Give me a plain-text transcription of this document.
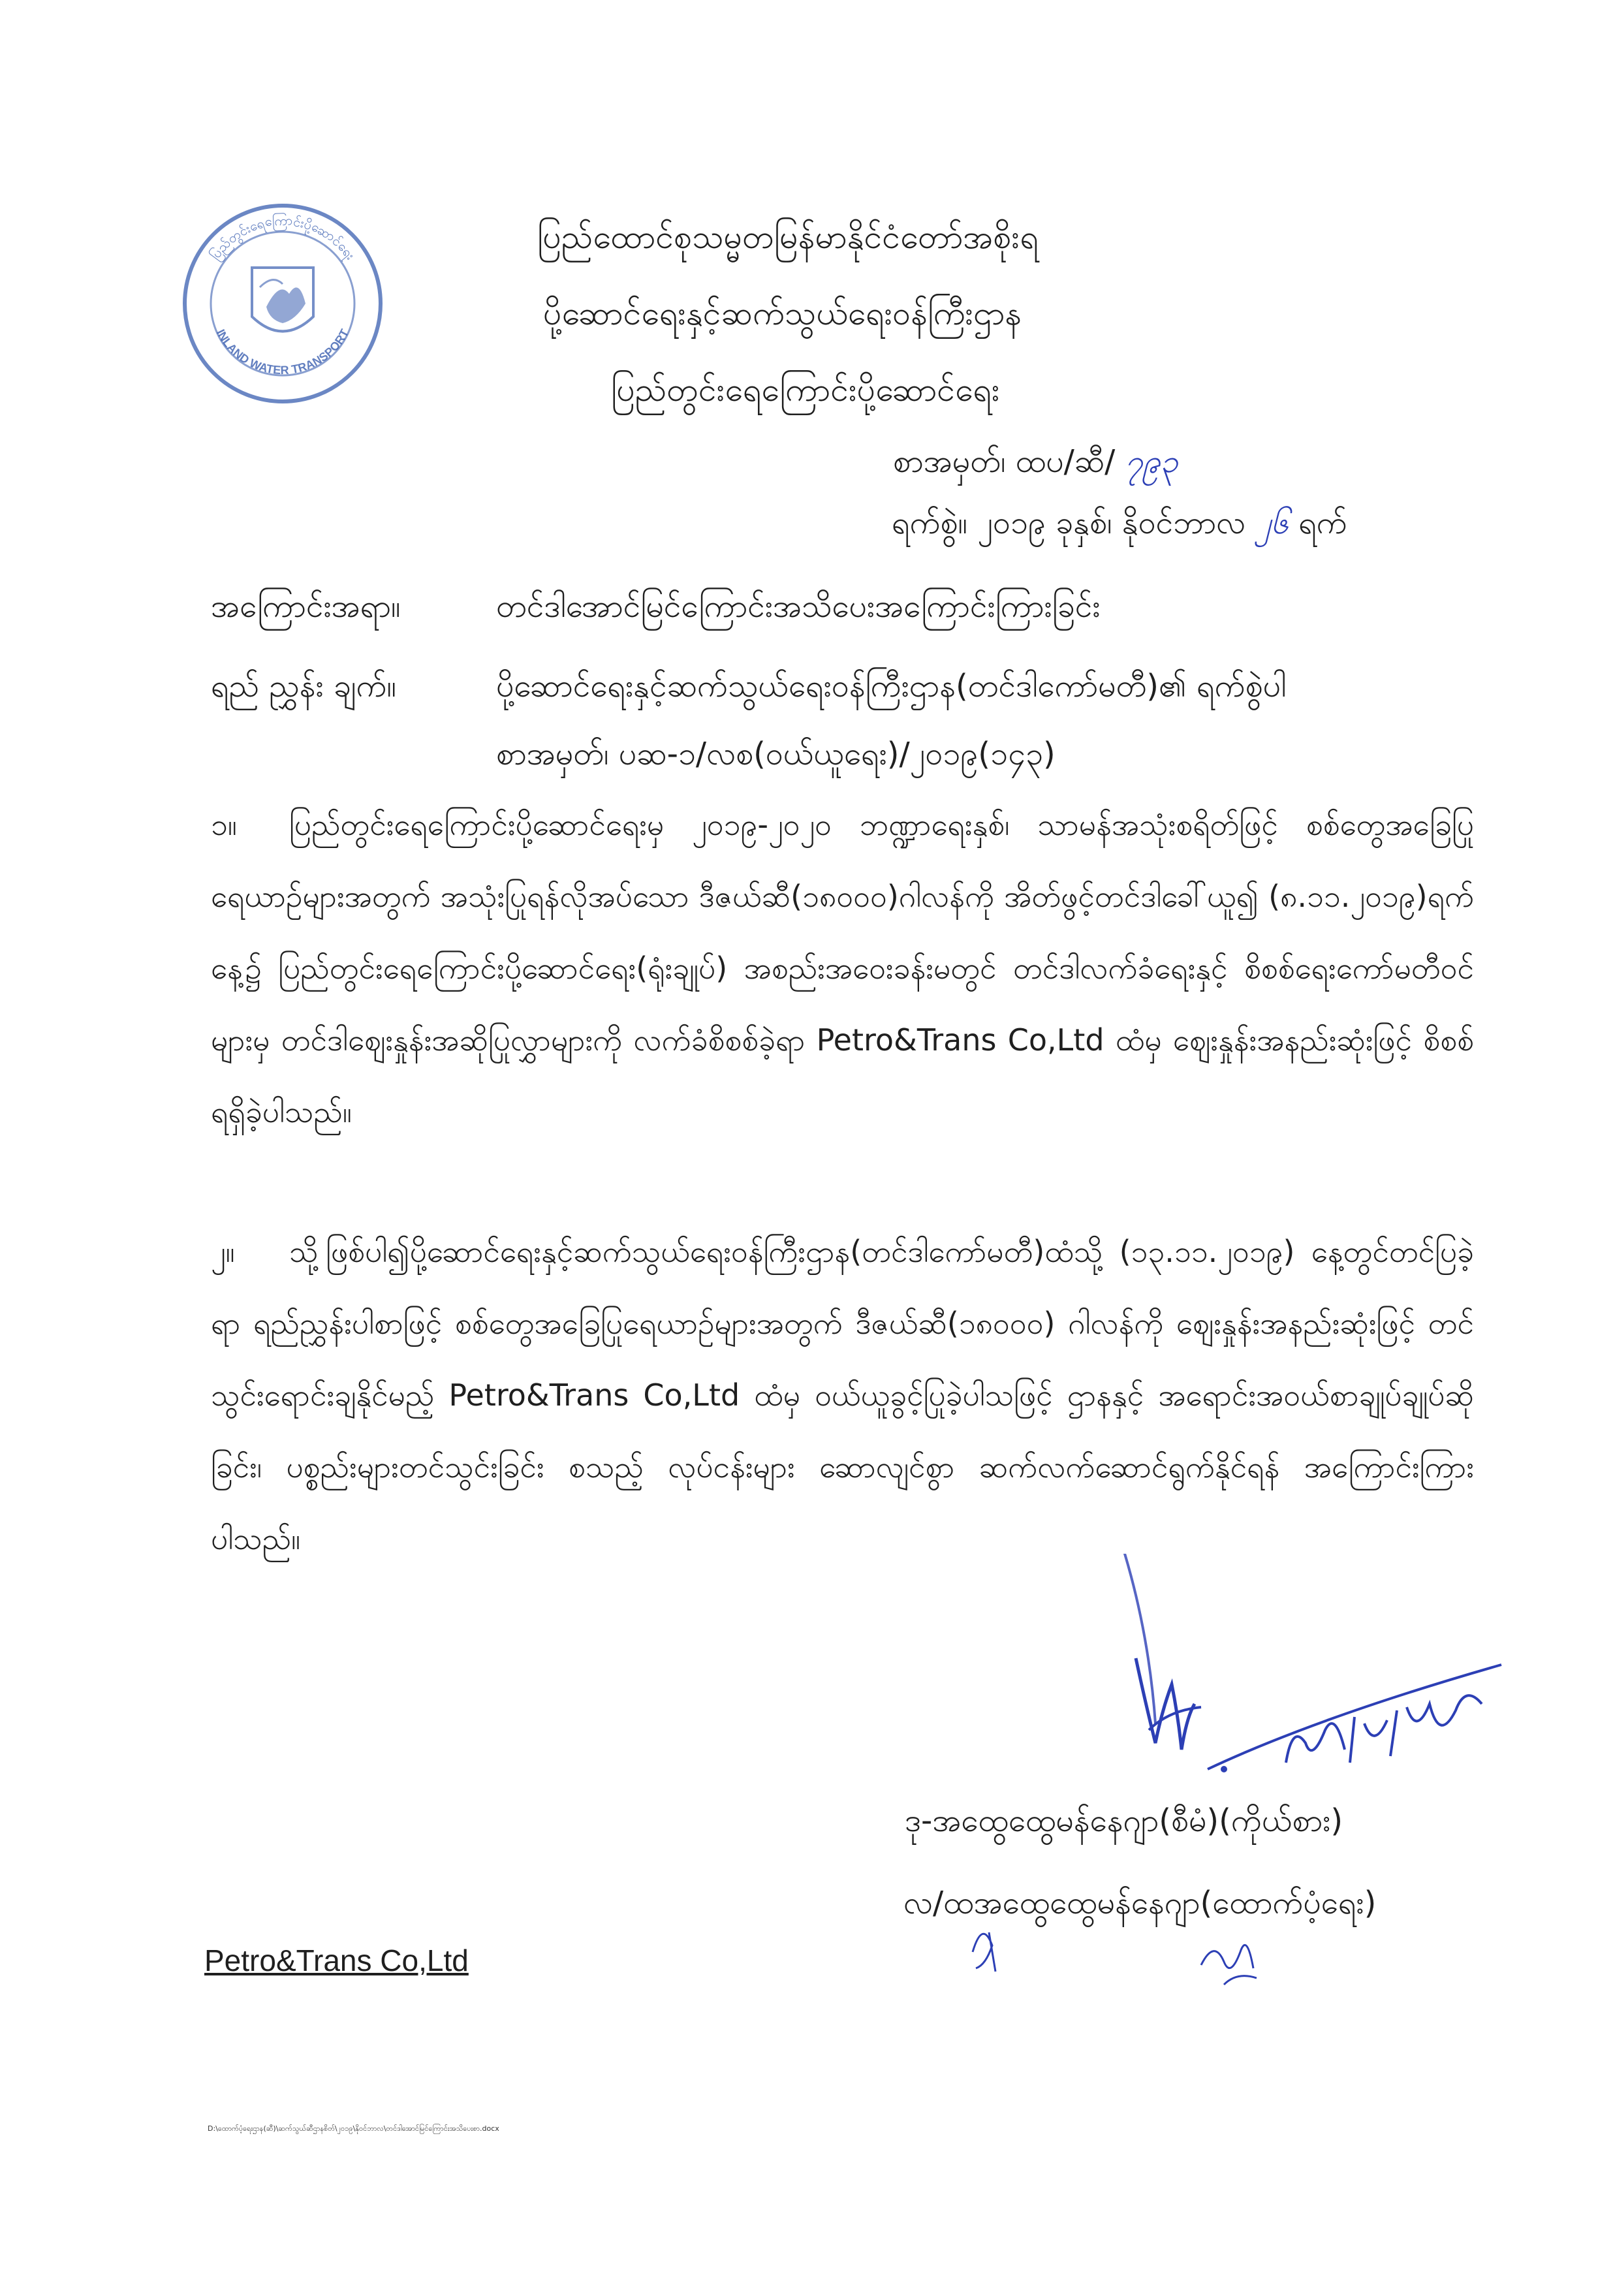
ပြည်တွင်းရေကြောင်းပို့ဆောင်ရေး
INLAND WATER TRANSPORT
ပြည်ထောင်စုသမ္မတမြန်မာနိုင်ငံတော်အစိုးရ
ပို့ဆောင်ရေးနှင့်ဆက်သွယ်ရေးဝန်ကြီးဌာန
ပြည်တွင်းရေကြောင်းပို့ဆောင်ရေး
စာအမှတ်၊ ထပ/ဆီ/ ၇၉၃
ရက်စွဲ။ ၂၀၁၉ ခုနှစ်၊ နိုဝင်ဘာလ ၂၆ ရက်
အကြောင်းအရာ။	တင်ဒါအောင်မြင်ကြောင်းအသိပေးအကြောင်းကြားခြင်း
ရည် ညွှန်း ချက်။	ပို့ဆောင်ရေးနှင့်ဆက်သွယ်ရေးဝန်ကြီးဌာန(တင်ဒါကော်မတီ)၏ ရက်စွဲပါ
စာအမှတ်၊ ပဆ-၁/လစ(ဝယ်ယူရေး)/၂၀၁၉(၁၄၃)
၁။ ပြည်တွင်းရေကြောင်းပို့ဆောင်ရေးမှ ၂၀၁၉-၂၀၂၀ ဘဏ္ဍာရေးနှစ်၊ သာမန်အသုံးစရိတ်ဖြင့် စစ်တွေအခြေပြုရေယာဉ်များအတွက် အသုံးပြုရန်လိုအပ်သော ဒီဇယ်ဆီ(၁၈၀၀၀)ဂါလန်ကို အိတ်ဖွင့်တင်ဒါခေါ်ယူ၍ (၈.၁၁.၂၀၁၉)ရက်နေ့၌ ပြည်တွင်းရေကြောင်းပို့ဆောင်ရေး(ရုံးချုပ်) အစည်းအဝေးခန်းမတွင် တင်ဒါလက်ခံရေးနှင့် စိစစ်ရေးကော်မတီဝင်များမှ တင်ဒါဈေးနှုန်းအဆိုပြုလွှာများကို လက်ခံစိစစ်ခဲ့ရာ Petro&Trans Co,Ltd ထံမှ ဈေးနှုန်းအနည်းဆုံးဖြင့် စိစစ်ရရှိခဲ့ပါသည်။
၂။ သို့ဖြစ်ပါ၍ပို့ဆောင်ရေးနှင့်ဆက်သွယ်ရေးဝန်ကြီးဌာန(တင်ဒါကော်မတီ)ထံသို့ (၁၃.၁၁.၂၀၁၉) နေ့တွင်တင်ပြခဲ့ရာ ရည်ညွှန်းပါစာဖြင့် စစ်တွေအခြေပြုရေယာဉ်များအတွက် ဒီဇယ်ဆီ(၁၈၀၀၀) ဂါလန်ကို ဈေးနှုန်းအနည်းဆုံးဖြင့် တင်သွင်းရောင်းချနိုင်မည့် Petro&Trans Co,Ltd ထံမှ ဝယ်ယူခွင့်ပြုခဲ့ပါသဖြင့် ဌာနနှင့် အရောင်းအဝယ်စာချုပ်ချုပ်ဆိုခြင်း၊ ပစ္စည်းများတင်သွင်းခြင်း စသည့် လုပ်ငန်းများ ဆောလျင်စွာ ဆက်လက်ဆောင်ရွက်နိုင်ရန် အကြောင်းကြားပါသည်။
ဒု-အထွေထွေမန်နေဂျာ(စီမံ)(ကိုယ်စား)
လ/ထအထွေထွေမန်နေဂျာ(ထောက်ပံ့ရေး)
Petro&Trans Co,Ltd
D:\ထောက်ပံ့ရေးဌာန(ဆီ)\ဆက်သွယ်ဆီဌာနစိတ်\၂၀၁၉\နိုဝင်ဘာလ\တင်ဒါအောင်မြင်ကြောင်းအသိပေးစာ.docx
